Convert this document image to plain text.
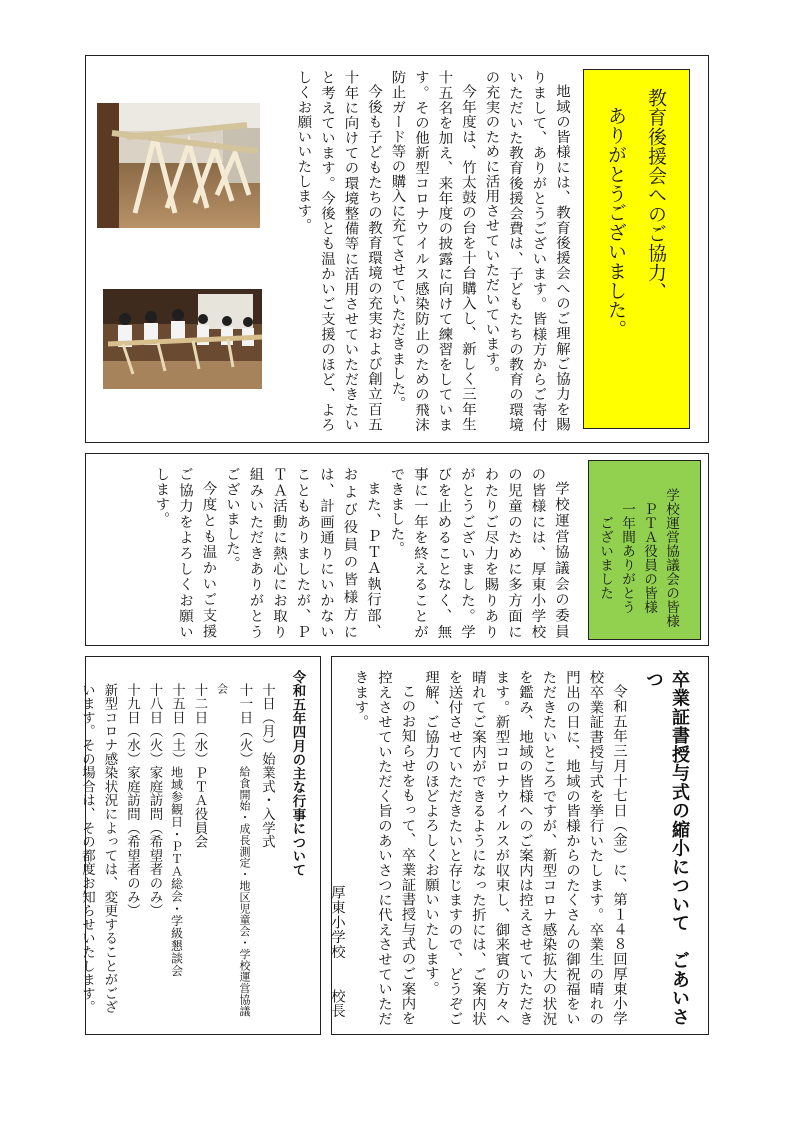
教育後援会へのご協力、

ありがとうございました。

地域の皆様には、教育後援会へのご理解ご協力を賜りまして、ありがとうございます。皆様方からご寄付いただいた教育後援会費は、子どもたちの教育の環境の充実のために活用させていただいています。

今年度は、竹太鼓の台を十台購入し、新しく三年生十五名を加え、来年度の披露に向けて練習をしています。その他新型コロナウイルス感染防止のための飛沫防止ガード等の購入に充てさせていただきました。

今後も子どもたちの教育環境の充実および創立百五十年に向けての環境整備等に活用させていただきたいと考えています。今後とも温かいご支援のほど、よろしくお願いいたします。

学校運営協議会の皆様

ＰＴＡ役員の皆様

一年間ありがとう

ございました

学校運営協議会の委員の皆様には、厚東小学校の児童のために多方面にわたりご尽力を賜りありがとうございました。学びを止めることなく、無事に一年を終えることができました。

また、ＰＴＡ執行部、および役員の皆様方には、計画通りにいかないこともありましたが、ＰＴＡ活動に熱心にお取り組みいただきありがとうございました。

今度とも温かいご支援ご協力をよろしくお願いします。

卒業証書授与式の縮小について　ごあいさつ

令和五年三月十七日（金）に、第１４８回厚東小学校卒業証書授与式を挙行いたします。卒業生の晴れの門出の日に、地域の皆様からのたくさんの御祝福をいただきたいところですが、新型コロナ感染拡大の状況を鑑み、地域の皆様へのご案内は控えさせていただきます。新型コロナウイルスが収束し、御来賓の方々へ晴れてご案内ができるようになった折には、ご案内状を送付させていただきたいと存じますので、どうぞご理解、ご協力のほどよろしくお願いいたします。

このお知らせをもって、卒業証書授与式のご案内を控えさせていただく旨のあいさつに代えさせていただきます。

厚東小学校　　校長

令和五年四月の主な行事について

十日（月）始業式・入学式

十一日（火）給食開始・成長測定・地区児童会・学校運営協議会

十二日（水）ＰＴＡ役員会

十五日（土）地域参観日・ＰＴＡ総会・学級懇談会

十八日（火）家庭訪問（希望者のみ）

十九日（水）家庭訪問（希望者のみ）

新型コロナ感染状況によっては、変更することがございます。その場合は、その都度お知らせいたします。
